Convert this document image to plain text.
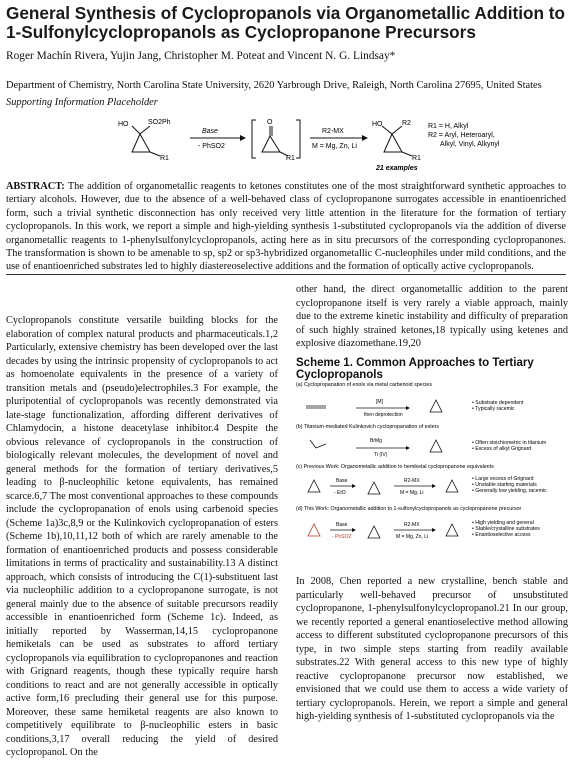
General Synthesis of Cyclopropanols via Organometallic Addition to 1-Sulfonylcyclopropanols as Cyclopropanone Precursors
Roger Machín Rivera, Yujin Jang, Christopher M. Poteat and Vincent N. G. Lindsay*
Department of Chemistry, North Carolina State University, 2620 Yarbrough Drive, Raleigh, North Carolina 27695, United States
Supporting Information Placeholder
HO	SO2Ph
R1
Base
- PhSO2
O
R1
R2-MX
M = Mg, Zn, Li
HO	R2
R1
21 examples
R1 = H, Alkyl
R2 = Aryl, Heteroaryl,
Alkyl, Vinyl, Alkynyl

ABSTRACT: The addition of organometallic reagents to ketones constitutes one of the most straightforward synthetic approaches to tertiary alcohols. However, due to the absence of a well-behaved class of cyclopropanone surrogates accessible in enantioenriched form, such a trivial synthetic disconnection has only received very little attention in the literature for the formation of tertiary cyclopropanols. In this work, we report a simple and high-yielding synthesis 1-substituted cyclopropanols via the addition of diverse organometallic reagents to 1-phenylsulfonylcyclopropanols, acting here as in situ precursors of the corresponding cyclopropanones. The transformation is shown to be amenable to sp, sp2 or sp3-hybridized organometallic C-nucleophiles under mild conditions, and the use of enantioenriched substrates led to highly diastereoselective additions and the formation of optically active cyclopropanols.

Cyclopropanols constitute versatile building blocks for the elaboration of complex natural products and pharmaceuticals.1,2 Particularly, extensive chemistry has been developed over the last decades by using the intrinsic propensity of cyclopropanols to act as homoenolate equivalents in the presence of a variety of transition metals and (pseudo)electrophiles.3 For example, the pluripotential of cyclopropanols was recently demonstrated via late-stage functionalization, affording different derivatives of Chlamydocin, a histone deacetylase inhibitor.4 Despite the obvious relevance of cyclopropanols in the construction of biologically relevant molecules, the development of novel and general methods for the formation of tertiary derivatives,5 leading to β-nucleophilic ketone equivalents, has remained scarce.6,7 The most conventional approaches to these compounds include the cyclopropanation of enols using carbenoid species (Scheme 1a)3c,8,9 or the Kulinkovich cyclopropanation of esters (Scheme 1b),10,11,12 both of which are rarely amenable to the formation of enantioenriched products and possess considerable limitations in terms of practicality and sustainability.13 A distinct approach, which consists of introducing the C(1)-substituent last via nucleophilic addition to a cyclopropanone surrogate, is not general mainly due to the absence of suitable precursors readily accessible in enantioenriched form (Scheme 1c). Indeed, as initially reported by Wasserman,14,15 cyclopropanone hemiketals can be used as substrates to afford tertiary cyclopropanols via equilibration to cyclopropanones and reaction with Grignard reagents, though these typically require harsh conditions to react and are not generally accessible in optically active form,16 precluding their general use for this purpose. Moreover, these same hemiketal reagents are also known to competitively equilibrate to β-nucleophilic esters in basic conditions,3,17 overall reducing the yield of desired cyclopropanol. On the

other hand, the direct organometallic addition to the parent cyclopropanone itself is very rarely a viable approach, mainly due to the extreme kinetic instability and difficulty of preparation of such highly strained ketones,18 typically using ketenes and explosive diazomethane.19,20

Scheme 1. Common Approaches to Tertiary Cyclopropanols
(a) Cyclopropanation of enols via metal carbenoid species
[M]
then deprotection
• Substrate dependent
• Typically racemic
(b) Titanium-mediated Kulinkovich cyclopropanation of esters
BrMg
Ti (IV)
• Often stoichiometric in titanium
• Excess of alkyl Grignard
(c) Previous Work: Organometallic addition to hemiketal cyclopropanone equivalents
Base
- EtO
R2-MX
M = Mg, Li
• Large excess of Grignard
• Unstable starting materials
• Generally low yielding, racemic
(d) This Work: Organometallic addition to 1-sulfonylcyclopropanols as cyclopropanone precursor
Base
- PhSO2
R2-MX
M = Mg, Zn, Li
• High yielding and general
• Stable/crystalline substrates
• Enantioselective access

In 2008, Chen reported a new crystalline, bench stable and particularly well-behaved precursor of unsubstituted cyclopropanone, 1-phenylsulfonylcyclopropanol.21 In our group, we recently reported a general enantioselective method allowing access to different substituted cyclopropanone precursors of this type, in two simple steps starting from readily available substrates.22 With general access to this new type of highly reactive cyclopropanone precursor now established, we envisioned that we could use them to access a wide variety of tertiary cyclopropanols. Herein, we report a simple and general high-yielding synthesis of 1-substituted cyclopropanols via the
